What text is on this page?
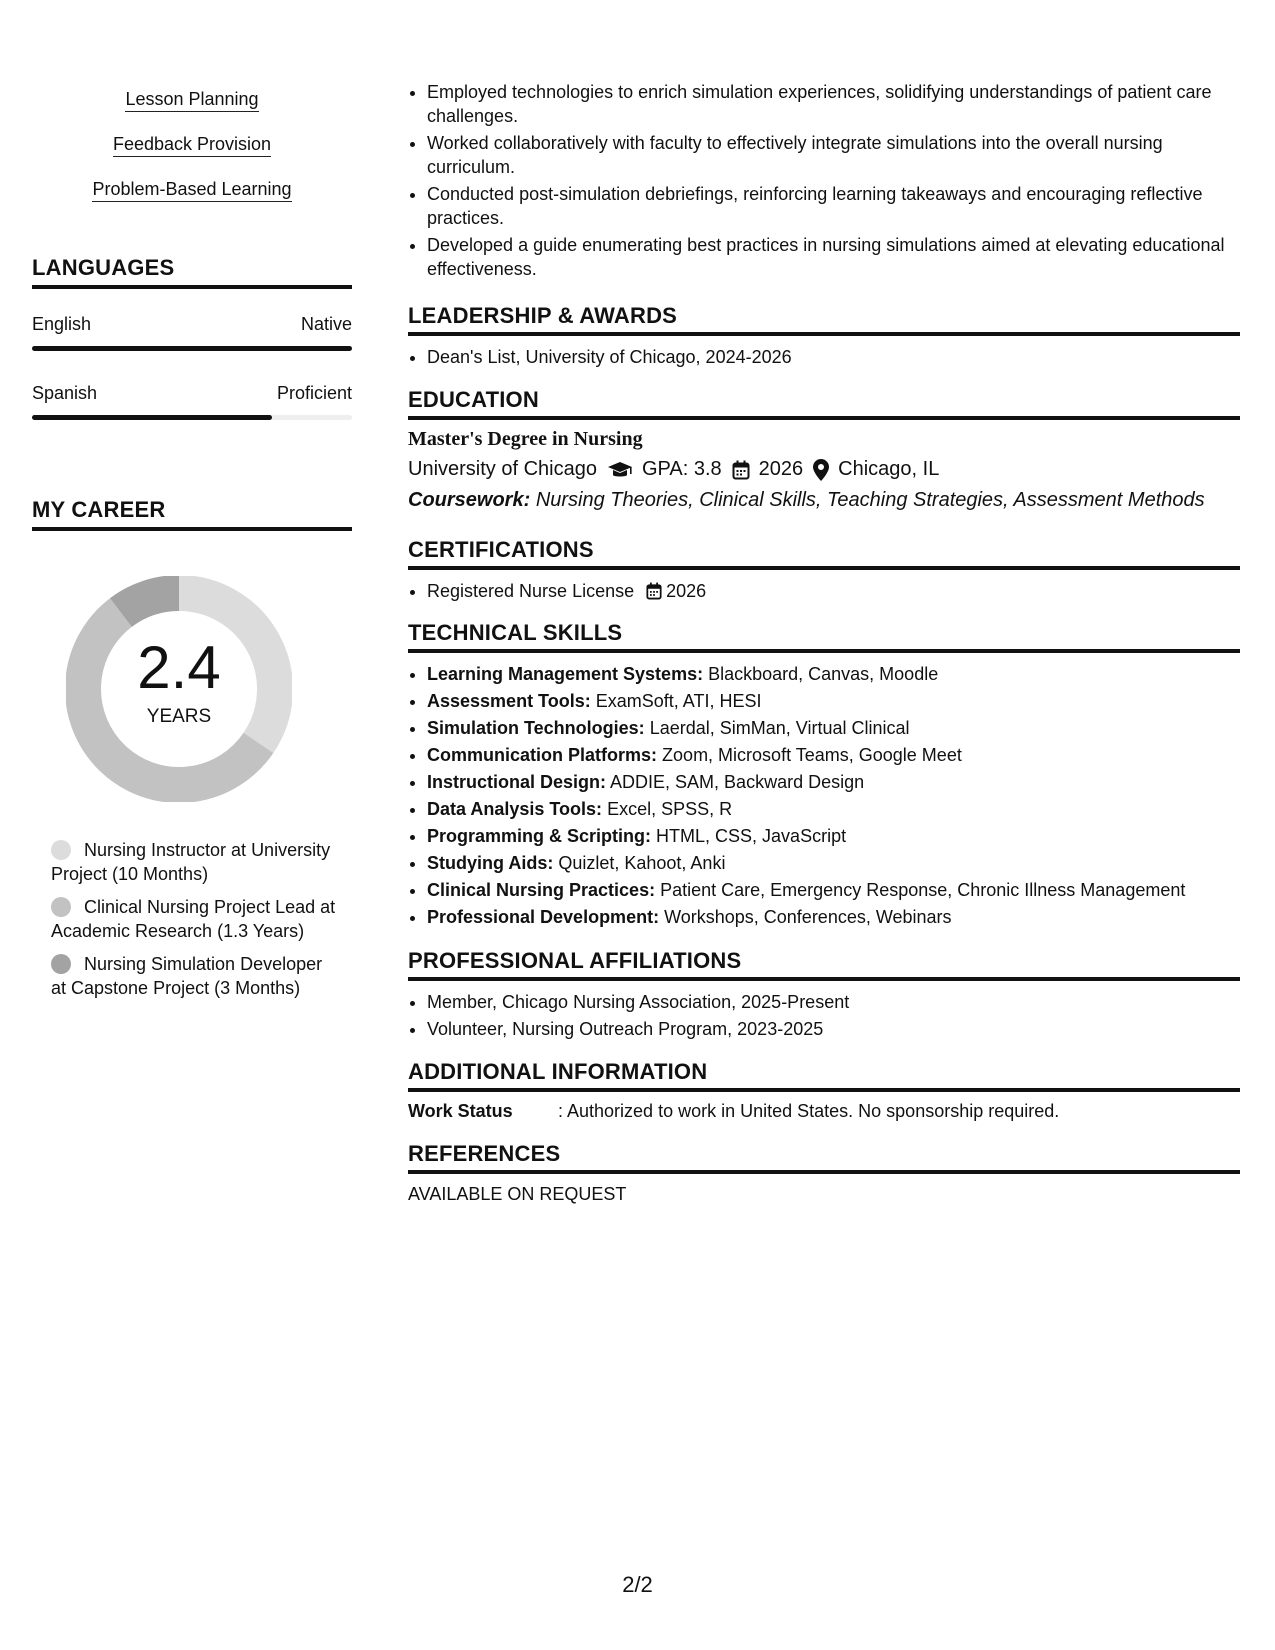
Lesson Planning
Feedback Provision
Problem-Based Learning
LANGUAGES
English	Native
Spanish	Proficient
MY CAREER
2.4
YEARS
Nursing Instructor at University Project (10 Months)
Clinical Nursing Project Lead at Academic Research (1.3 Years)
Nursing Simulation Developer at Capstone Project (3 Months)
• Employed technologies to enrich simulation experiences, solidifying understandings of patient care challenges.
• Worked collaboratively with faculty to effectively integrate simulations into the overall nursing curriculum.
• Conducted post-simulation debriefings, reinforcing learning takeaways and encouraging reflective practices.
• Developed a guide enumerating best practices in nursing simulations aimed at elevating educational effectiveness.
LEADERSHIP & AWARDS
• Dean's List, University of Chicago, 2024-2026
EDUCATION
Master's Degree in Nursing
University of Chicago GPA: 3.8 2026 Chicago, IL
Coursework: Nursing Theories, Clinical Skills, Teaching Strategies, Assessment Methods
CERTIFICATIONS
• Registered Nurse License 2026
TECHNICAL SKILLS
• Learning Management Systems: Blackboard, Canvas, Moodle
• Assessment Tools: ExamSoft, ATI, HESI
• Simulation Technologies: Laerdal, SimMan, Virtual Clinical
• Communication Platforms: Zoom, Microsoft Teams, Google Meet
• Instructional Design: ADDIE, SAM, Backward Design
• Data Analysis Tools: Excel, SPSS, R
• Programming & Scripting: HTML, CSS, JavaScript
• Studying Aids: Quizlet, Kahoot, Anki
• Clinical Nursing Practices: Patient Care, Emergency Response, Chronic Illness Management
• Professional Development: Workshops, Conferences, Webinars
PROFESSIONAL AFFILIATIONS
• Member, Chicago Nursing Association, 2025-Present
• Volunteer, Nursing Outreach Program, 2023-2025
ADDITIONAL INFORMATION
Work Status	: Authorized to work in United States. No sponsorship required.
REFERENCES
AVAILABLE ON REQUEST
2/2
